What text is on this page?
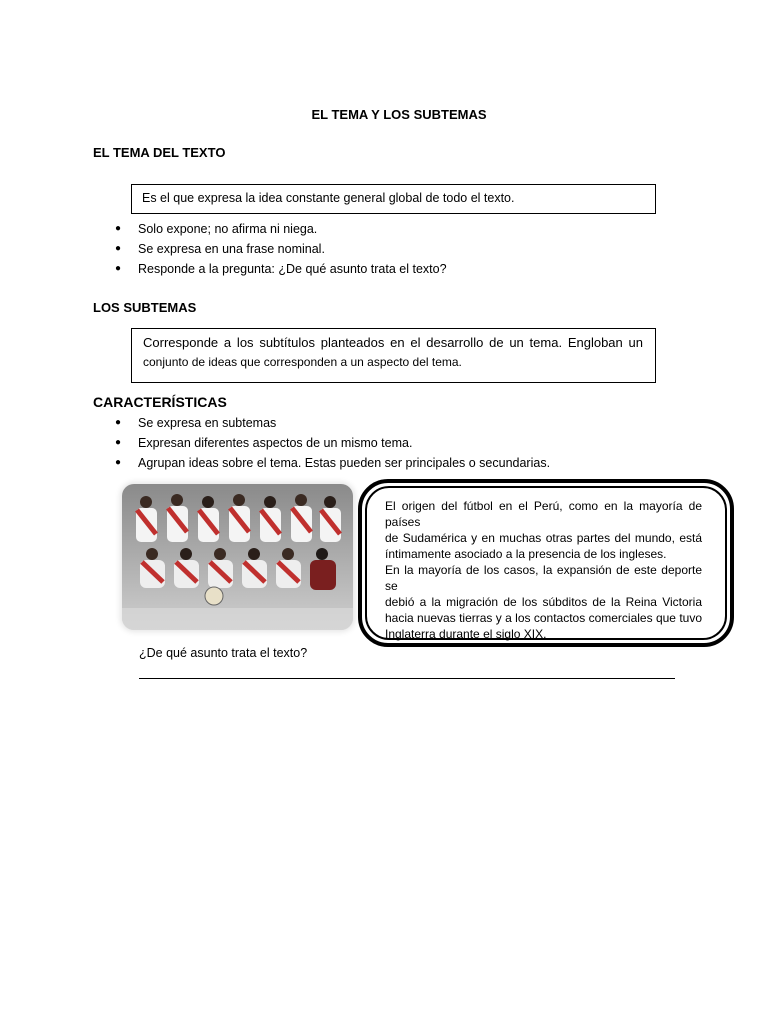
EL TEMA Y LOS SUBTEMAS
EL TEMA DEL TEXTO
Es el que expresa la idea constante general global de todo el texto.
● Solo expone; no afirma ni niega.
● Se expresa en una frase nominal.
● Responde a la pregunta: ¿De qué asunto trata el texto?
LOS SUBTEMAS
Corresponde a los subtítulos planteados en el desarrollo de un tema. Engloban un
conjunto de ideas que corresponden a un aspecto del tema.
CARACTERÍSTICAS
● Se expresa en subtemas
● Expresan diferentes aspectos de un mismo tema.
● Agrupan ideas sobre el tema. Estas pueden ser principales o secundarias.
El origen del fútbol en el Perú, como en la mayoría de países
de Sudamérica y en muchas otras partes del mundo, está
íntimamente asociado a la presencia de los ingleses.
En la mayoría de los casos, la expansión de este deporte se
debió a la migración de los súbditos de la Reina Victoria
hacia nuevas tierras y a los contactos comerciales que tuvo
Inglaterra durante el siglo XIX.
¿De qué asunto trata el texto?
